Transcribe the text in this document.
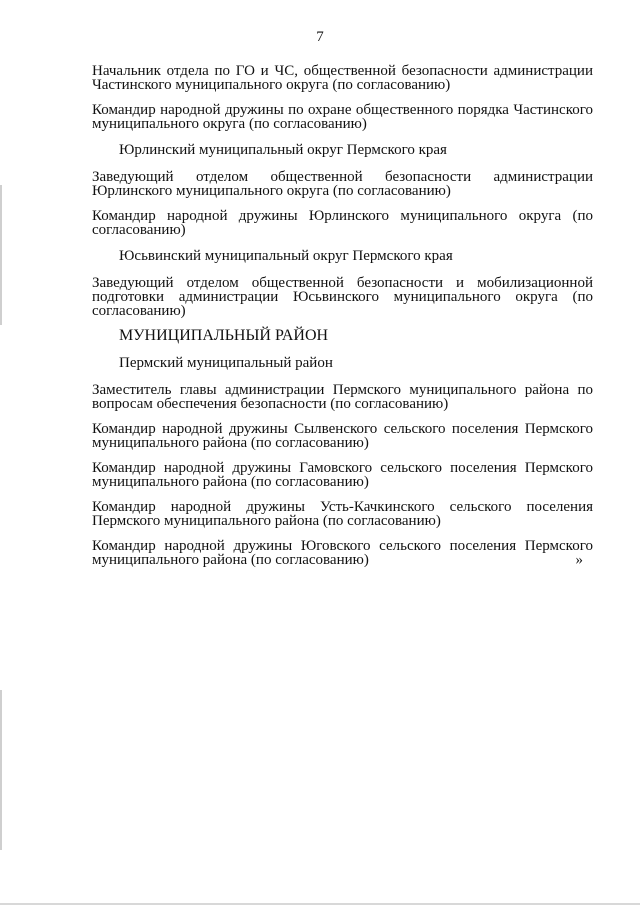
7

Начальник отдела по ГО и ЧС, общественной безопасности администрации Частинского муниципального округа (по согласованию)

Командир народной дружины по охране общественного порядка Частинского муниципального округа (по согласованию)

Юрлинский муниципальный округ Пермского края

Заведующий отделом общественной безопасности администрации Юрлинского муниципального округа (по согласованию)

Командир народной дружины Юрлинского муниципального округа (по согласованию)

Юсьвинский муниципальный округ Пермского края

Заведующий отделом общественной безопасности и мобилизационной подготовки администрации Юсьвинского муниципального округа (по согласованию)

МУНИЦИПАЛЬНЫЙ РАЙОН
Пермский муниципальный район

Заместитель главы администрации Пермского муниципального района по вопросам обеспечения безопасности (по согласованию)

Командир народной дружины Сылвенского сельского поселения Пермского муниципального района (по согласованию)

Командир народной дружины Гамовского сельского поселения Пермского муниципального района (по согласованию)

Командир народной дружины Усть-Качкинского сельского поселения Пермского муниципального района (по согласованию)

Командир народной дружины Юговского сельского поселения Пермского
муниципального района (по согласованию)	»
